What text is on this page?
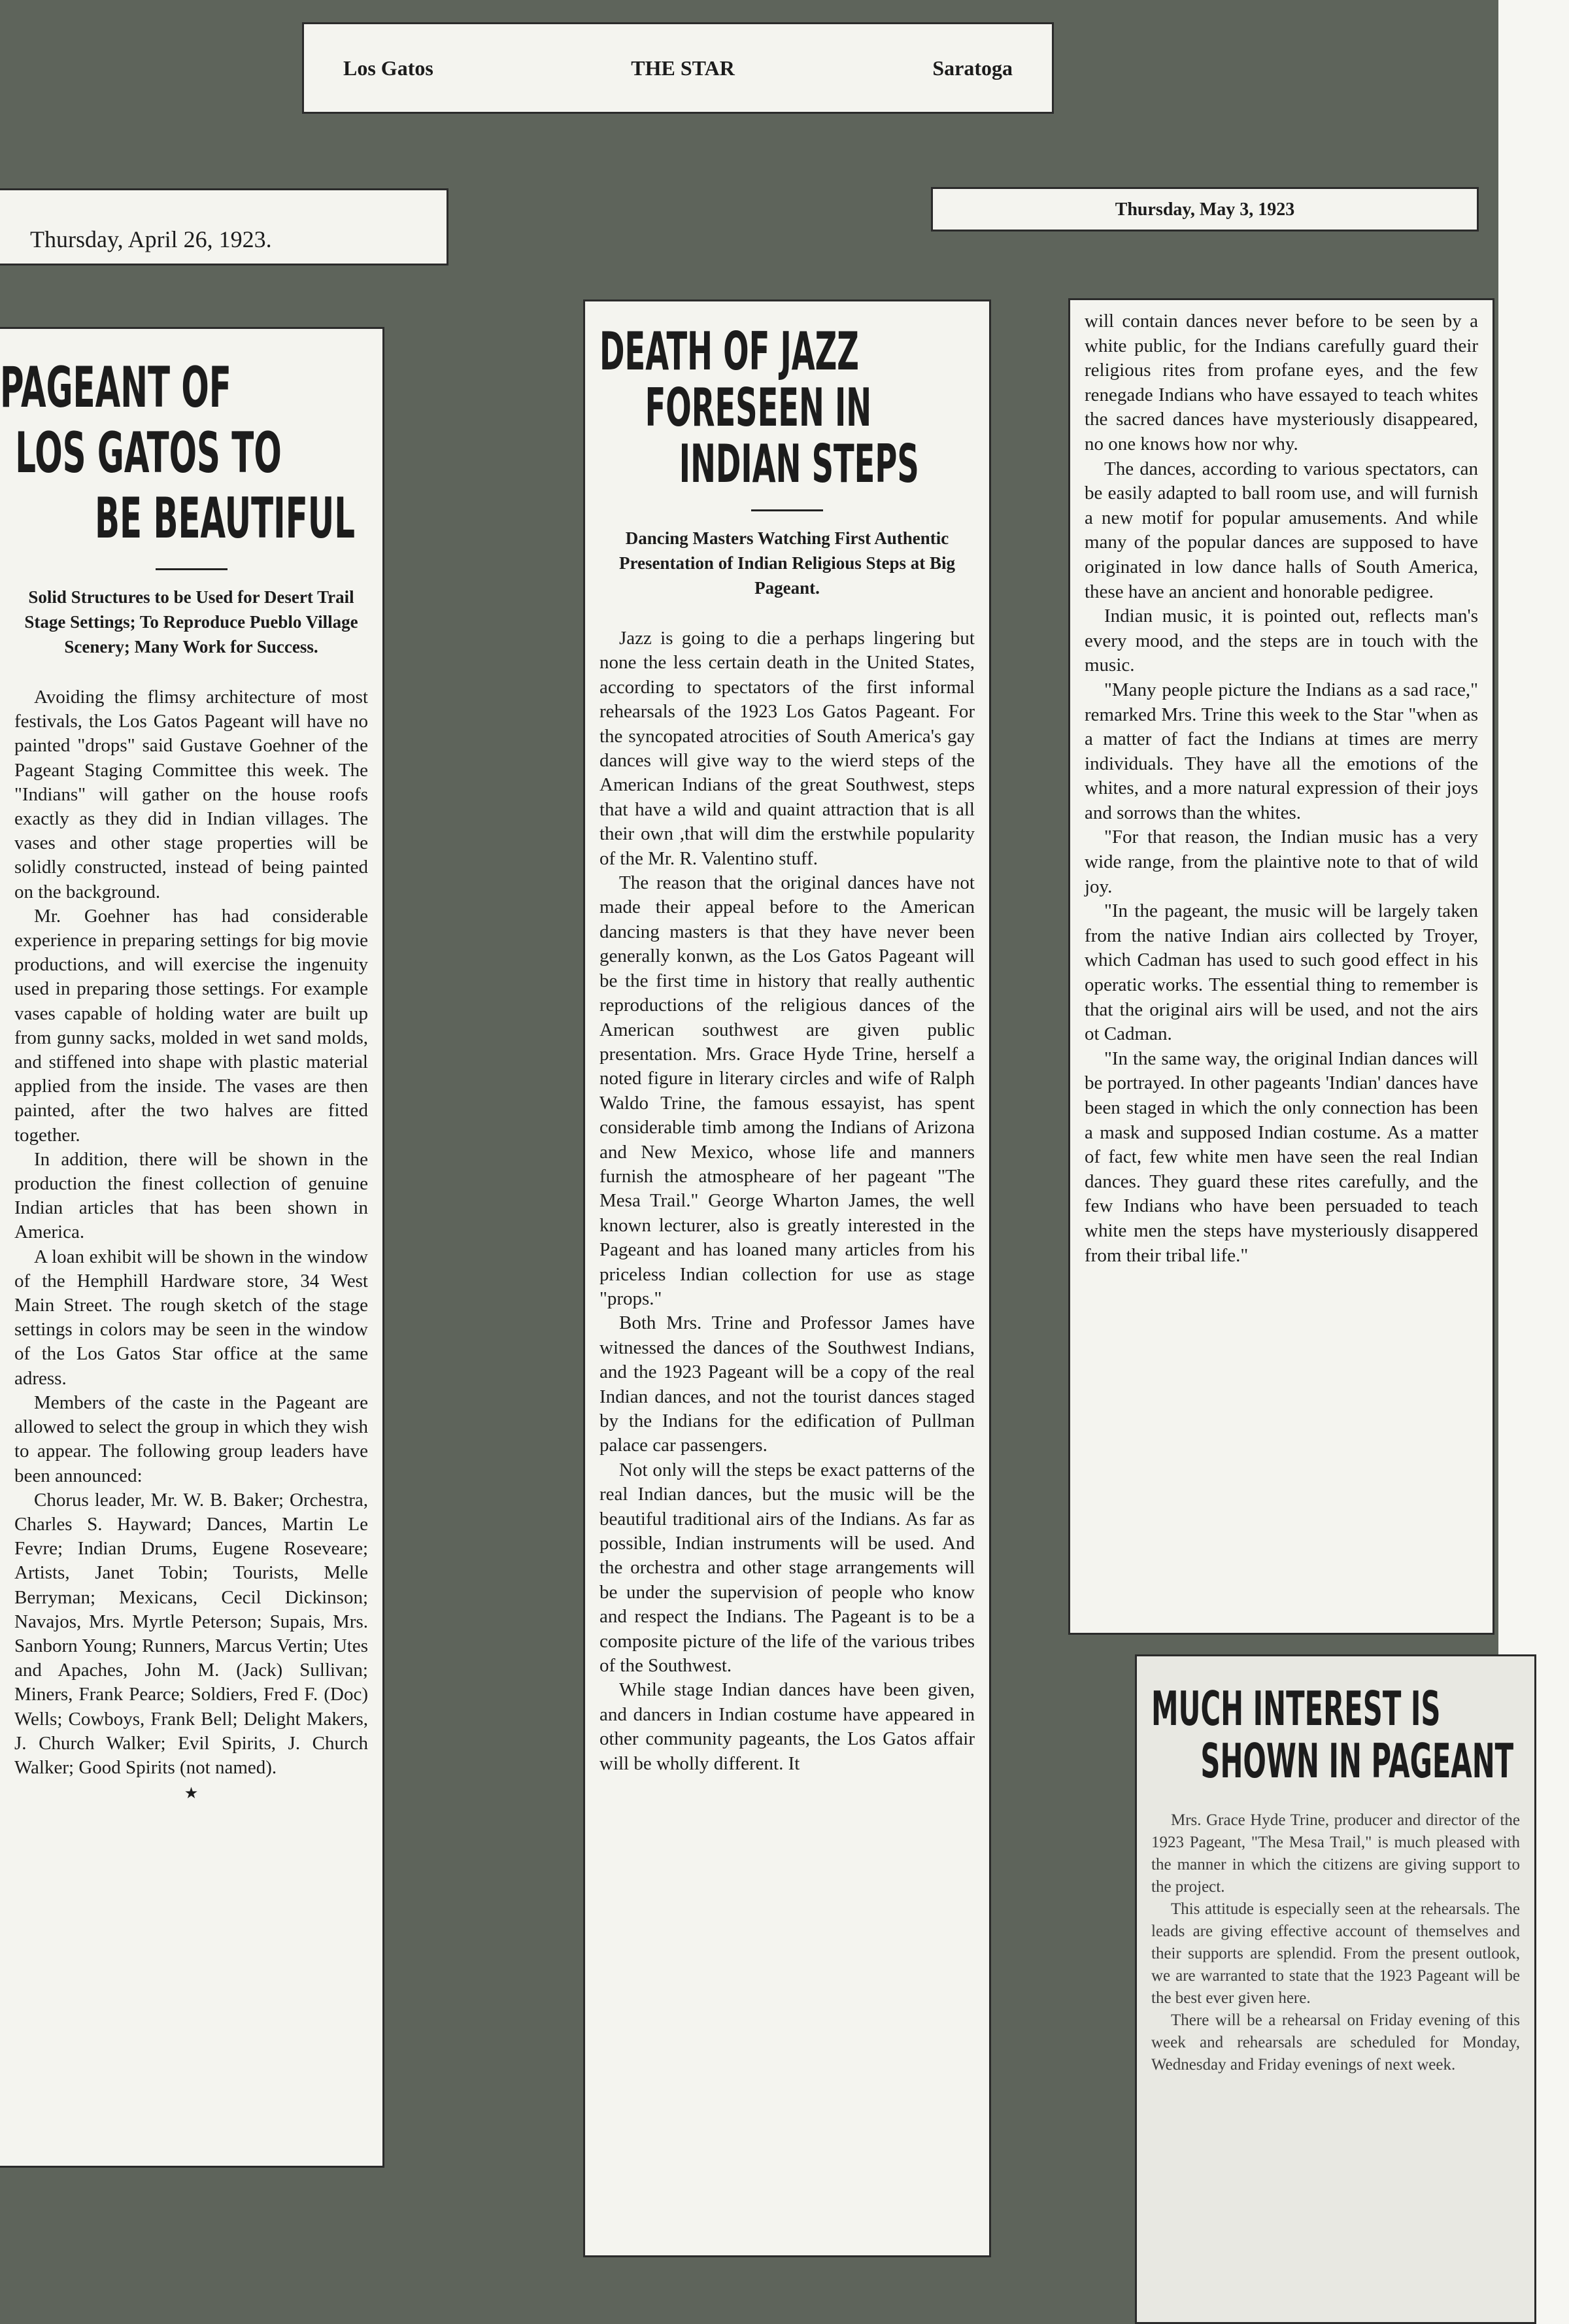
Los Gatos	THE STAR	Saratoga
Thursday, April 26, 1923.
Thursday, May 3, 1923
PAGEANT OF
LOS GATOS TO
BE BEAUTIFUL

Solid Structures to be Used for Desert Trail Stage Settings; To Reproduce Pueblo Village Scenery; Many Work for Success.

Avoiding the flimsy architecture of most festivals, the Los Gatos Pageant will have no painted "drops" said Gustave Goehner of the Pageant Staging Committee this week. The "Indians" will gather on the house roofs exactly as they did in Indian villages. The vases and other stage properties will be solidly constructed, instead of being painted on the background.

Mr. Goehner has had considerable experience in preparing settings for big movie productions, and will exercise the ingenuity used in preparing those settings. For example vases capable of holding water are built up from gunny sacks, molded in wet sand molds, and stiffened into shape with plastic material applied from the inside. The vases are then painted, after the two halves are fitted together.

In addition, there will be shown in the production the finest collection of genuine Indian articles that has been shown in America.

A loan exhibit will be shown in the window of the Hemphill Hardware store, 34 West Main Street. The rough sketch of the stage settings in colors may be seen in the window of the Los Gatos Star office at the same adress.

Members of the caste in the Pageant are allowed to select the group in which they wish to appear. The following group leaders have been announced:

Chorus leader, Mr. W. B. Baker; Orchestra, Charles S. Hayward; Dances, Martin Le Fevre; Indian Drums, Eugene Roseveare; Artists, Janet Tobin; Tourists, Melle Berryman; Mexicans, Cecil Dickinson; Navajos, Mrs. Myrtle Peterson; Supais, Mrs. Sanborn Young; Runners, Marcus Vertin; Utes and Apaches, John M. (Jack) Sullivan; Miners, Frank Pearce; Soldiers, Fred F. (Doc) Wells; Cowboys, Frank Bell; Delight Makers, J. Church Walker; Evil Spirits, J. Church Walker; Good Spirits (not named).

★
DEATH OF JAZZ
FORESEEN IN
INDIAN STEPS

Dancing Masters Watching First Authentic Presentation of Indian Religious Steps at Big Pageant.

Jazz is going to die a perhaps lingering but none the less certain death in the United States, according to spectators of the first informal rehearsals of the 1923 Los Gatos Pageant. For the syncopated atrocities of South America's gay dances will give way to the wierd steps of the American Indians of the great Southwest, steps that have a wild and quaint attraction that is all their own ,that will dim the erstwhile popularity of the Mr. R. Valentino stuff.

The reason that the original dances have not made their appeal before to the American dancing masters is that they have never been generally konwn, as the Los Gatos Pageant will be the first time in history that really authentic reproductions of the religious dances of the American southwest are given public presentation. Mrs. Grace Hyde Trine, herself a noted figure in literary circles and wife of Ralph Waldo Trine, the famous essayist, has spent considerable timb among the Indians of Arizona and New Mexico, whose life and manners furnish the atmospheare of her pageant "The Mesa Trail." George Wharton James, the well known lecturer, also is greatly interested in the Pageant and has loaned many articles from his priceless Indian collection for use as stage "props."

Both Mrs. Trine and Professor James have witnessed the dances of the Southwest Indians, and the 1923 Pageant will be a copy of the real Indian dances, and not the tourist dances staged by the Indians for the edification of Pullman palace car passengers.

Not only will the steps be exact patterns of the real Indian dances, but the music will be the beautiful traditional airs of the Indians. As far as possible, Indian instruments will be used. And the orchestra and other stage arrangements will be under the supervision of people who know and respect the Indians. The Pageant is to be a composite picture of the life of the various tribes of the Southwest.

While stage Indian dances have been given, and dancers in Indian costume have appeared in other community pageants, the Los Gatos affair will be wholly different. It

will contain dances never before to be seen by a white public, for the Indians carefully guard their religious rites from profane eyes, and the few renegade Indians who have essayed to teach whites the sacred dances have mysteriously disappeared, no one knows how nor why.

The dances, according to various spectators, can be easily adapted to ball room use, and will furnish a new motif for popular amusements. And while many of the popular dances are supposed to have originated in low dance halls of South America, these have an ancient and honorable pedigree.

Indian music, it is pointed out, reflects man's every mood, and the steps are in touch with the music.

"Many people picture the Indians as a sad race," remarked Mrs. Trine this week to the Star "when as a matter of fact the Indians at times are merry individuals. They have all the emotions of the whites, and a more natural expression of their joys and sorrows than the whites.

"For that reason, the Indian music has a very wide range, from the plaintive note to that of wild joy.

"In the pageant, the music will be largely taken from the native Indian airs collected by Troyer, which Cadman has used to such good effect in his operatic works. The essential thing to remember is that the original airs will be used, and not the airs ot Cadman.

"In the same way, the original Indian dances will be portrayed. In other pageants 'Indian' dances have been staged in which the only connection has been a mask and supposed Indian costume. As a matter of fact, few white men have seen the real Indian dances. They guard these rites carefully, and the few Indians who have been persuaded to teach white men the steps have mysteriously disappered from their tribal life."

MUCH INTEREST IS
SHOWN IN PAGEANT

Mrs. Grace Hyde Trine, producer and director of the 1923 Pageant, "The Mesa Trail," is much pleased with the manner in which the citizens are giving support to the project.

This attitude is especially seen at the rehearsals. The leads are giving effective account of themselves and their supports are splendid. From the present outlook, we are warranted to state that the 1923 Pageant will be the best ever given here.

There will be a rehearsal on Friday evening of this week and rehearsals are scheduled for Monday, Wednesday and Friday evenings of next week.
